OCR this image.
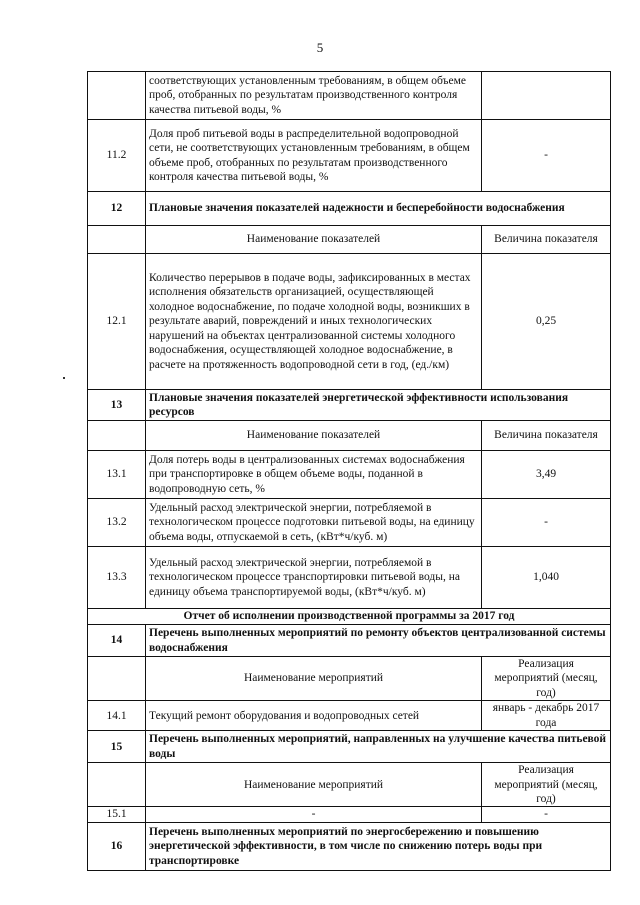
5
	соответствующих установленным требованиям, в общем объеме проб, отобранных по результатам производственного контроля качества питьевой воды, %	
11.2	Доля проб питьевой воды в распределительной водопроводной сети, не соответствующих установленным требованиям, в общем объеме проб, отобранных по результатам производственного контроля качества питьевой воды, %	-
12	Плановые значения показателей надежности и бесперебойности водоснабжения	
	Наименование показателей	Величина показателя
12.1	Количество перерывов в подаче воды, зафиксированных в местах исполнения обязательств организацией, осуществляющей холодное водоснабжение, по подаче холодной воды, возникших в результате аварий, повреждений и иных технологических нарушений на объектах централизованной системы холодного водоснабжения, осуществляющей холодное водоснабжение, в расчете на протяженность водопроводной сети в год, (ед./км)	0,25
13	Плановые значения показателей энергетической эффективности использования ресурсов	
	Наименование показателей	Величина показателя
13.1	Доля потерь воды в централизованных системах водоснабжения при транспортировке в общем объеме воды, поданной в водопроводную сеть, %	3,49
13.2	Удельный расход электрической энергии, потребляемой в технологическом процессе подготовки питьевой воды, на единицу объема воды, отпускаемой в сеть, (кВт*ч/куб. м)	-
13.3	Удельный расход электрической энергии, потребляемой в технологическом процессе транспортировки питьевой воды, на единицу объема транспортируемой воды, (кВт*ч/куб. м)	1,040
Отчет об исполнении производственной программы за 2017 год		
14	Перечень выполненных мероприятий по ремонту объектов централизованной системы водоснабжения	
	Наименование мероприятий	Реализация мероприятий (месяц, год)
14.1	Текущий ремонт оборудования и водопроводных сетей	январь - декабрь 2017 года
15	Перечень выполненных мероприятий, направленных на улучшение качества питьевой воды	
	Наименование мероприятий	Реализация мероприятий (месяц, год)
15.1	-	-
16	Перечень выполненных мероприятий по энергосбережению и повышению энергетической эффективности, в том числе по снижению потерь воды при транспортировке	
